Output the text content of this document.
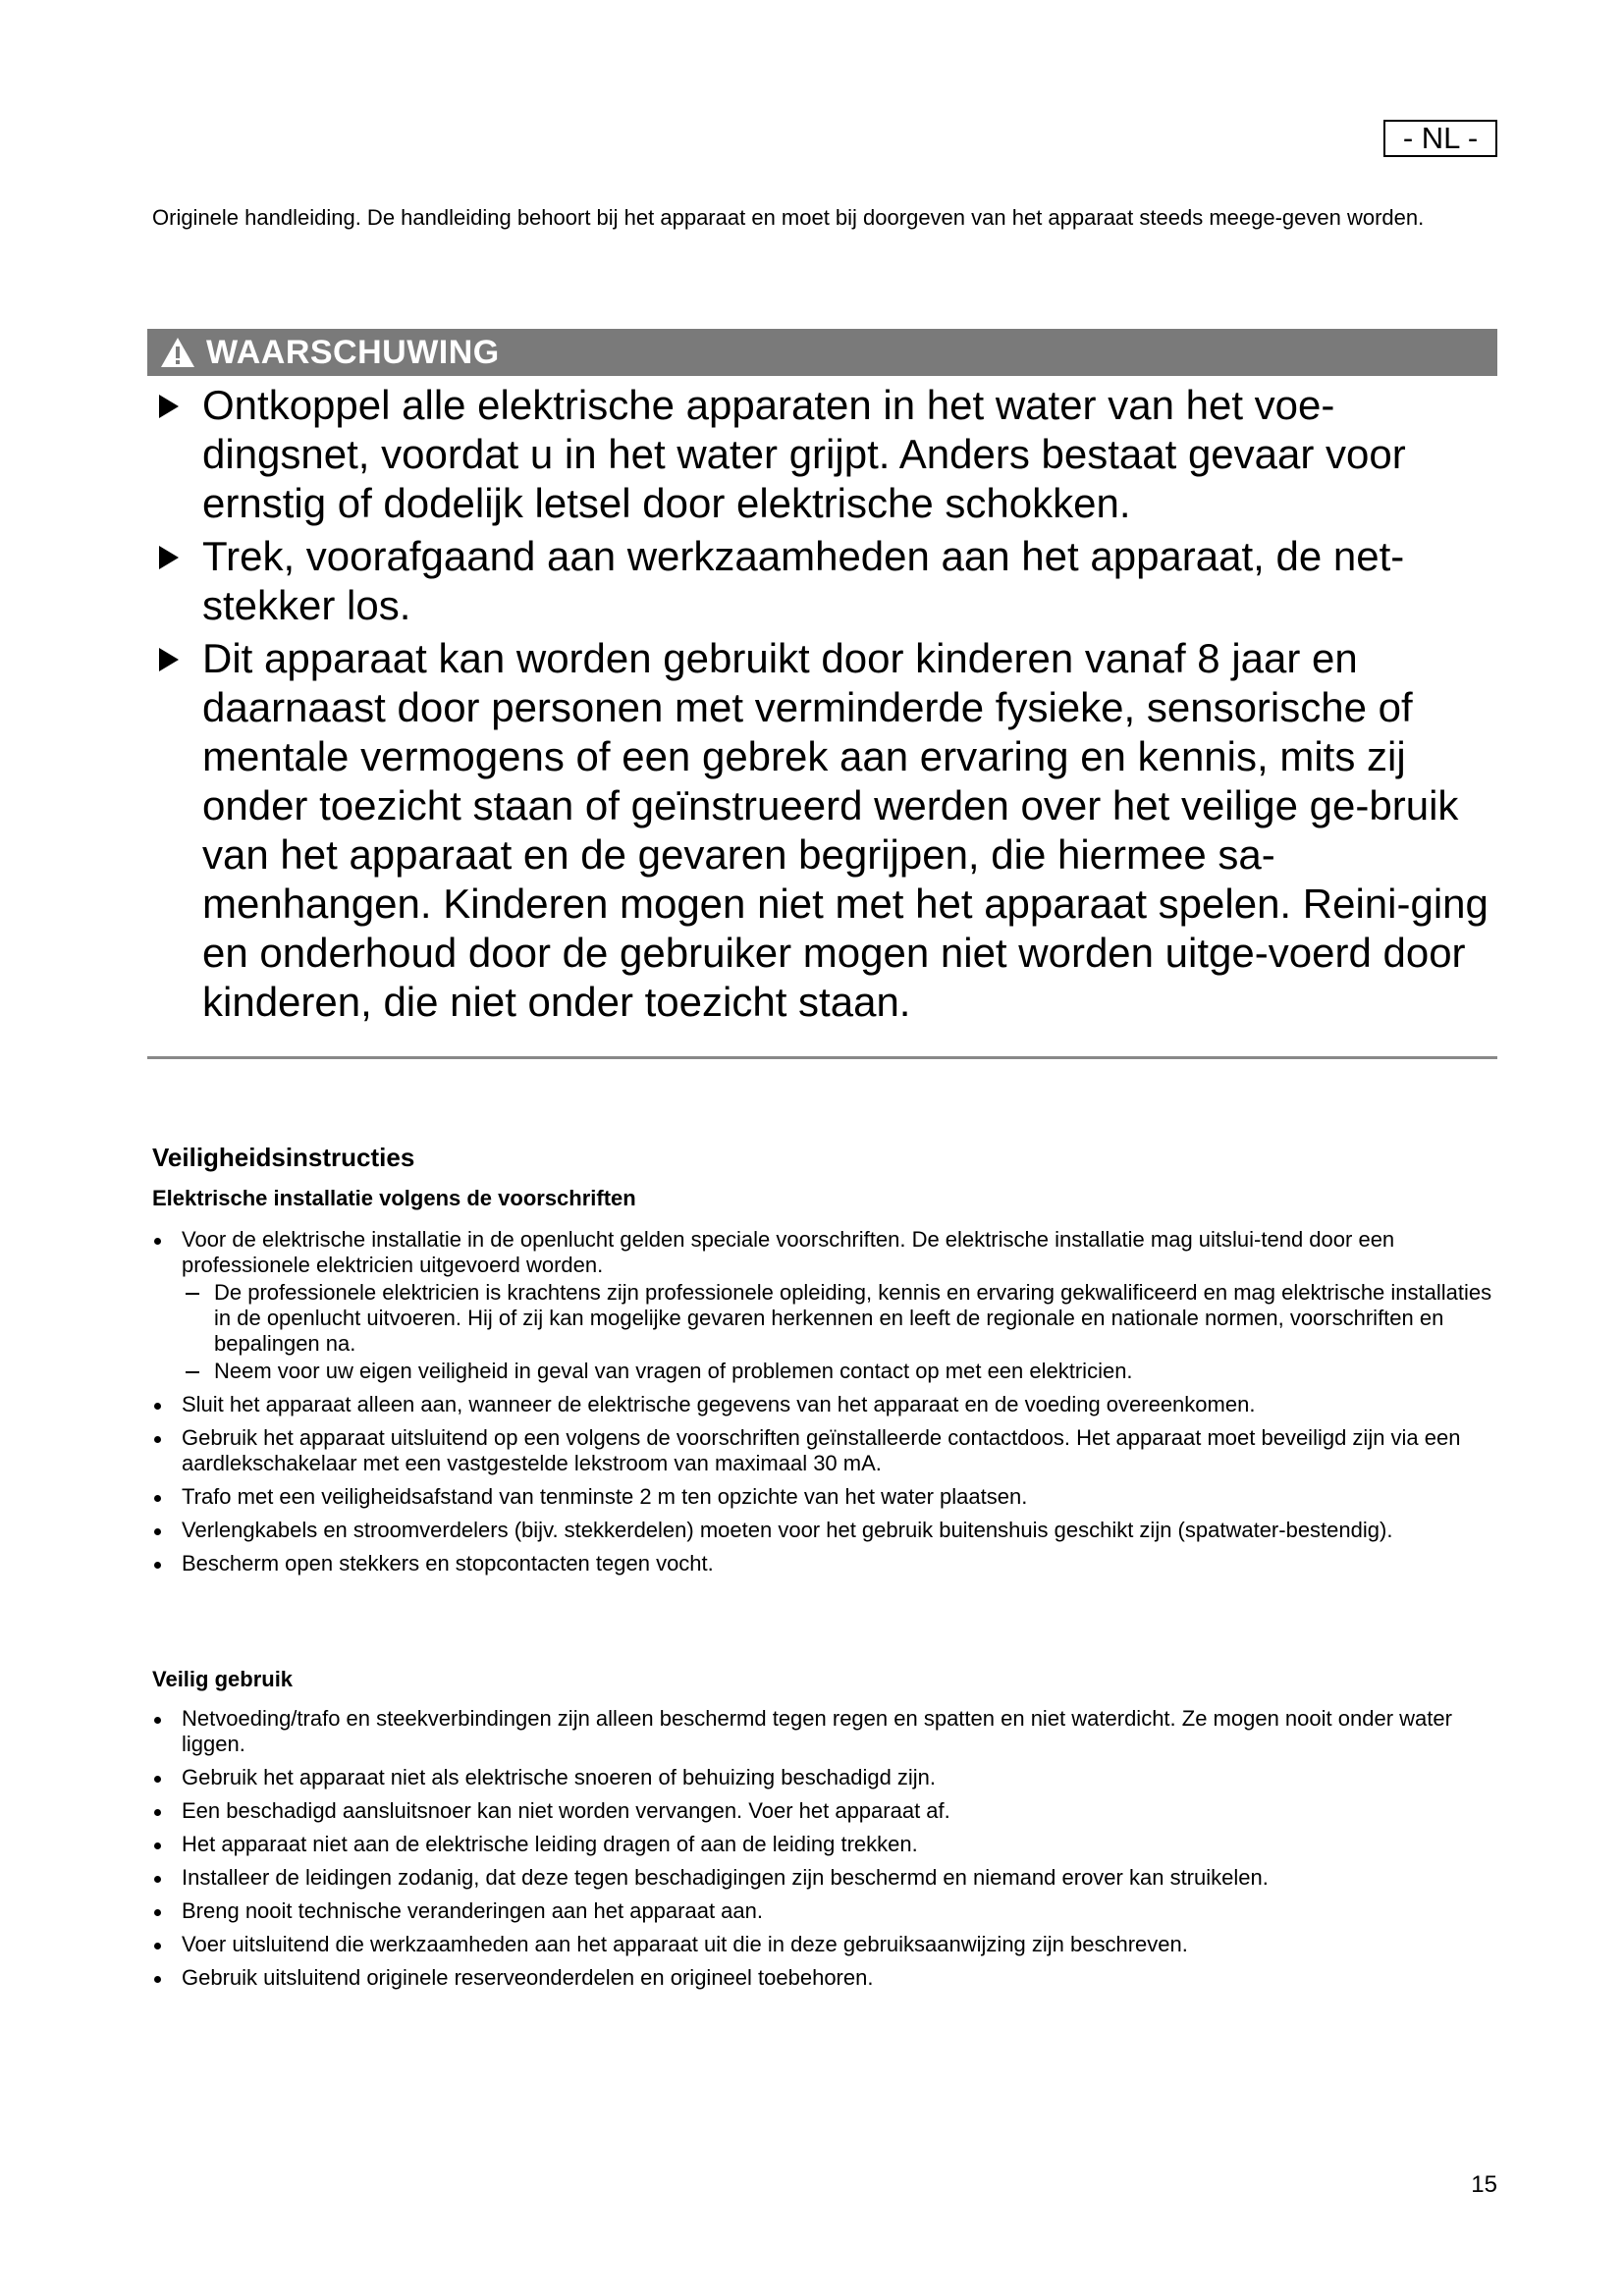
- NL -

Originele handleiding. De handleiding behoort bij het apparaat en moet bij doorgeven van het apparaat steeds meege-geven worden.

WAARSCHUWING
Ontkoppel alle elektrische apparaten in het water van het voe-dingsnet, voordat u in het water grijpt. Anders bestaat gevaar voor ernstig of dodelijk letsel door elektrische schokken.
Trek, voorafgaand aan werkzaamheden aan het apparaat, de net-stekker los.
Dit apparaat kan worden gebruikt door kinderen vanaf 8 jaar en daarnaast door personen met verminderde fysieke, sensorische of mentale vermogens of een gebrek aan ervaring en kennis, mits zij onder toezicht staan of geïnstrueerd werden over het veilige ge-bruik van het apparaat en de gevaren begrijpen, die hiermee sa-menhangen. Kinderen mogen niet met het apparaat spelen. Reini-ging en onderhoud door de gebruiker mogen niet worden uitge-voerd door kinderen, die niet onder toezicht staan.
Veiligheidsinstructies
Elektrische installatie volgens de voorschriften
Voor de elektrische installatie in de openlucht gelden speciale voorschriften. De elektrische installatie mag uitslui-tend door een professionele elektricien uitgevoerd worden.
De professionele elektricien is krachtens zijn professionele opleiding, kennis en ervaring gekwalificeerd en mag elektrische installaties in de openlucht uitvoeren. Hij of zij kan mogelijke gevaren herkennen en leeft de regionale en nationale normen, voorschriften en bepalingen na.
Neem voor uw eigen veiligheid in geval van vragen of problemen contact op met een elektricien.
Sluit het apparaat alleen aan, wanneer de elektrische gegevens van het apparaat en de voeding overeenkomen.
Gebruik het apparaat uitsluitend op een volgens de voorschriften geïnstalleerde contactdoos. Het apparaat moet beveiligd zijn via een aardlekschakelaar met een vastgestelde lekstroom van maximaal 30 mA.
Trafo met een veiligheidsafstand van tenminste 2 m ten opzichte van het water plaatsen.
Verlengkabels en stroomverdelers (bijv. stekkerdelen) moeten voor het gebruik buitenshuis geschikt zijn (spatwater-bestendig).
Bescherm open stekkers en stopcontacten tegen vocht.
Veilig gebruik
Netvoeding/trafo en steekverbindingen zijn alleen beschermd tegen regen en spatten en niet waterdicht. Ze mogen nooit onder water liggen.
Gebruik het apparaat niet als elektrische snoeren of behuizing beschadigd zijn.
Een beschadigd aansluitsnoer kan niet worden vervangen. Voer het apparaat af.
Het apparaat niet aan de elektrische leiding dragen of aan de leiding trekken.
Installeer de leidingen zodanig, dat deze tegen beschadigingen zijn beschermd en niemand erover kan struikelen.
Breng nooit technische veranderingen aan het apparaat aan.
Voer uitsluitend die werkzaamheden aan het apparaat uit die in deze gebruiksaanwijzing zijn beschreven.
Gebruik uitsluitend originele reserveonderdelen en origineel toebehoren.
15
